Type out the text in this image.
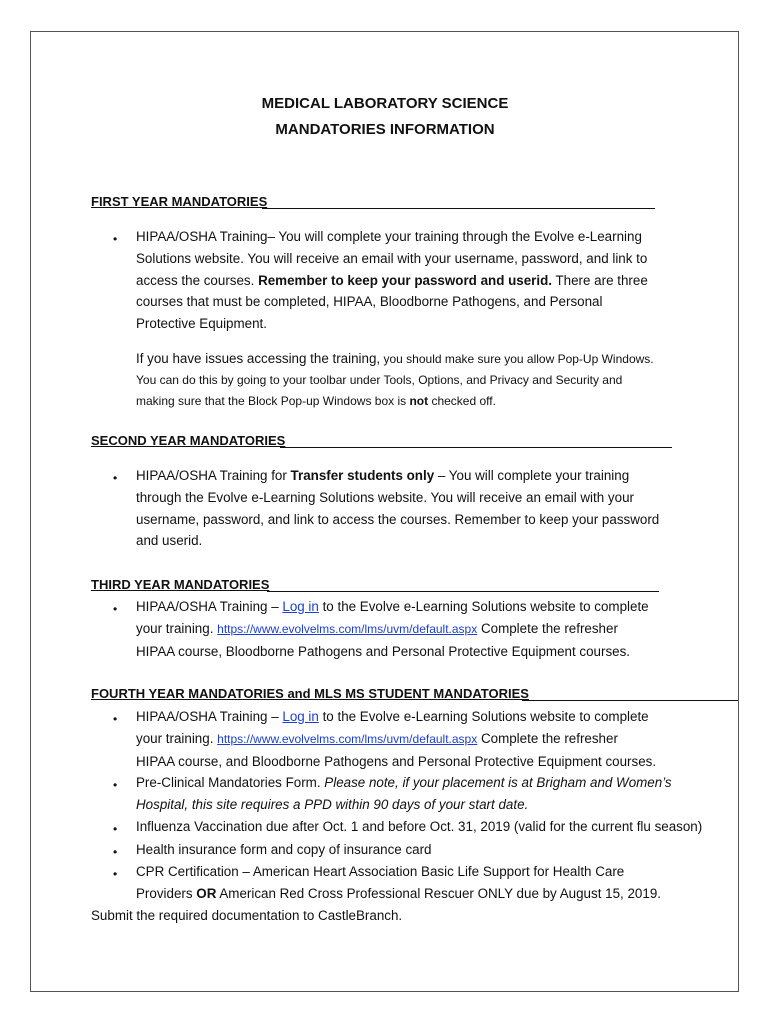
MEDICAL LABORATORY SCIENCE
MANDATORIES INFORMATION
FIRST YEAR MANDATORIES
• HIPAA/OSHA Training– You will complete your training through the Evolve e-Learning
Solutions website. You will receive an email with your username, password, and link to
access the courses. Remember to keep your password and userid. There are three
courses that must be completed, HIPAA, Bloodborne Pathogens, and Personal
Protective Equipment.
If you have issues accessing the training, you should make sure you allow Pop-Up Windows.
You can do this by going to your toolbar under Tools, Options, and Privacy and Security and
making sure that the Block Pop-up Windows box is not checked off.
SECOND YEAR MANDATORIES
• HIPAA/OSHA Training for Transfer students only – You will complete your training
through the Evolve e-Learning Solutions website. You will receive an email with your
username, password, and link to access the courses. Remember to keep your password
and userid.
THIRD YEAR MANDATORIES
• HIPAA/OSHA Training – Log in to the Evolve e-Learning Solutions website to complete
your training. https://www.evolvelms.com/lms/uvm/default.aspx Complete the refresher
HIPAA course, Bloodborne Pathogens and Personal Protective Equipment courses.
FOURTH YEAR MANDATORIES and MLS MS STUDENT MANDATORIES
• HIPAA/OSHA Training – Log in to the Evolve e-Learning Solutions website to complete
your training. https://www.evolvelms.com/lms/uvm/default.aspx Complete the refresher
HIPAA course, and Bloodborne Pathogens and Personal Protective Equipment courses.
• Pre-Clinical Mandatories Form. Please note, if your placement is at Brigham and Women’s
Hospital, this site requires a PPD within 90 days of your start date.
• Influenza Vaccination due after Oct. 1 and before Oct. 31, 2019 (valid for the current flu season)
• Health insurance form and copy of insurance card
• CPR Certification – American Heart Association Basic Life Support for Health Care
Providers OR American Red Cross Professional Rescuer ONLY due by August 15, 2019.
Submit the required documentation to CastleBranch.
